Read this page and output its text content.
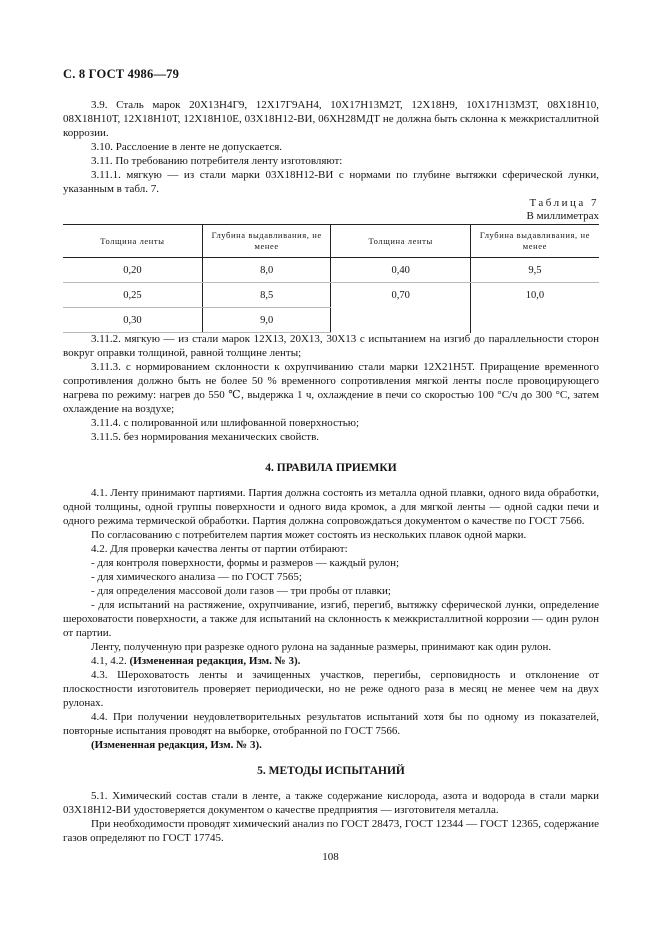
С. 8 ГОСТ 4986—79

3.9. Сталь марок 20Х13Н4Г9, 12Х17Г9АН4, 10Х17Н13М2Т, 12Х18Н9, 10Х17Н13М3Т, 08Х18Н10, 08Х18Н10Т, 12Х18Н10Т, 12Х18Н10Е, 03Х18Н12-ВИ, 06ХН28МДТ не должна быть склонна к межкристаллитной коррозии.

3.10. Расслоение в ленте не допускается.

3.11. По требованию потребителя ленту изготовляют:

3.11.1. мягкую — из стали марки 03Х18Н12-ВИ с нормами по глубине вытяжки сферической лунки, указанным в табл. 7.

Таблица 7
В миллиметрах
Толщина ленты	Глубина выдавливания, не менее	Толщина ленты	Глубина выдавливания, не менее
0,20	8,0	0,40	9,5
0,25	8,5	0,70	10,0
0,30	9,0		

3.11.2. мягкую — из стали марок 12Х13, 20Х13, 30Х13 с испытанием на изгиб до параллельности сторон вокруг оправки толщиной, равной толщине ленты;

3.11.3. с нормированием склонности к охрупчиванию стали марки 12Х21Н5Т. Приращение временного сопротивления должно быть не более 50 % временного сопротивления мягкой ленты после провоцирующего нагрева по режиму: нагрев до 550 ℃, выдержка 1 ч, охлаждение в печи со скоростью 100 °С/ч до 300 °С, затем охлаждение на воздухе;

3.11.4. с полированной или шлифованной поверхностью;

3.11.5. без нормирования механических свойств.

4. ПРАВИЛА ПРИЕМКИ

4.1. Ленту принимают партиями. Партия должна состоять из металла одной плавки, одного вида обработки, одной толщины, одной группы поверхности и одного вида кромок, а для мягкой ленты — одной садки печи и одного режима термической обработки. Партия должна сопровождаться документом о качестве по ГОСТ 7566.

По согласованию с потребителем партия может состоять из нескольких плавок одной марки.

4.2. Для проверки качества ленты от партии отбирают:

- для контроля поверхности, формы и размеров — каждый рулон;

- для химического анализа — по ГОСТ 7565;

- для определения массовой доли газов — три пробы от плавки;

- для испытаний на растяжение, охрупчивание, изгиб, перегиб, вытяжку сферической лунки, определение шероховатости поверхности, а также для испытаний на склонность к межкристаллитной коррозии — один рулон от партии.

Ленту, полученную при разрезке одного рулона на заданные размеры, принимают как один рулон.

4.1, 4.2. (Измененная редакция, Изм. № 3).

4.3. Шероховатость ленты и зачищенных участков, перегибы, серповидность и отклонение от плоскостности изготовитель проверяет периодически, но не реже одного раза в месяц не менее чем на двух рулонах.

4.4. При получении неудовлетворительных результатов испытаний хотя бы по одному из показателей, повторные испытания проводят на выборке, отобранной по ГОСТ 7566.

(Измененная редакция, Изм. № 3).

5. МЕТОДЫ ИСПЫТАНИЙ

5.1. Химический состав стали в ленте, а также содержание кислорода, азота и водорода в стали марки 03Х18Н12-ВИ удостоверяется документом о качестве предприятия — изготовителя металла.

При необходимости проводят химический анализ по ГОСТ 28473, ГОСТ 12344 — ГОСТ 12365, содержание газов определяют по ГОСТ 17745.

108
